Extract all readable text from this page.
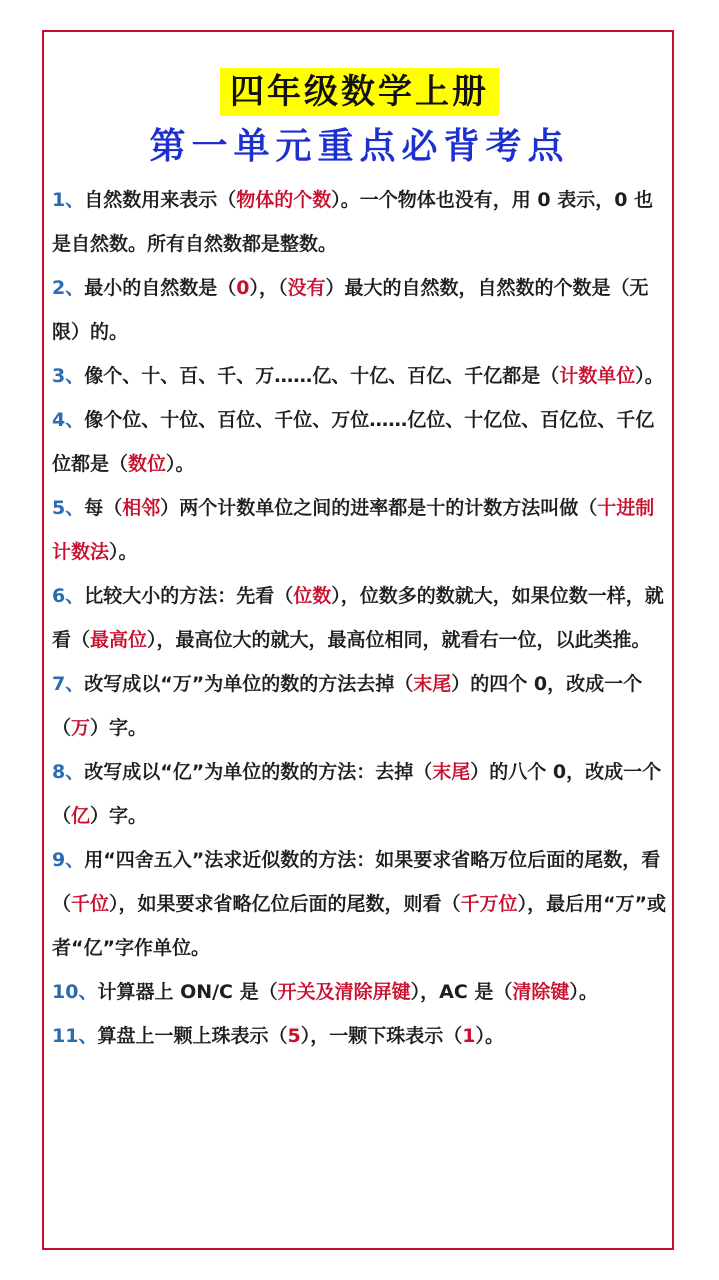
四年级数学上册
第一单元重点必背考点

1、自然数用来表示（物体的个数）。一个物体也没有，用 0 表示，0 也是自然数。所有自然数都是整数。

2、最小的自然数是（0），（没有）最大的自然数，自然数的个数是（无限）的。

3、像个、十、百、千、万……亿、十亿、百亿、千亿都是（计数单位）。

4、像个位、十位、百位、千位、万位……亿位、十亿位、百亿位、千亿位都是（数位）。

5、每（相邻）两个计数单位之间的进率都是十的计数方法叫做（十进制计数法）。

6、比较大小的方法：先看（位数），位数多的数就大，如果位数一样，就看（最高位），最高位大的就大，最高位相同，就看右一位，以此类推。

7、改写成以“万”为单位的数的方法去掉（末尾）的四个 0，改成一个（万）字。

8、改写成以“亿”为单位的数的方法：去掉（末尾）的八个 0，改成一个（亿）字。

9、用“四舍五入”法求近似数的方法：如果要求省略万位后面的尾数，看（千位），如果要求省略亿位后面的尾数，则看（千万位），最后用“万”或者“亿”字作单位。

10、计算器上 ON/C 是（开关及清除屏键），AC 是（清除键）。

11、算盘上一颗上珠表示（5），一颗下珠表示（1）。
